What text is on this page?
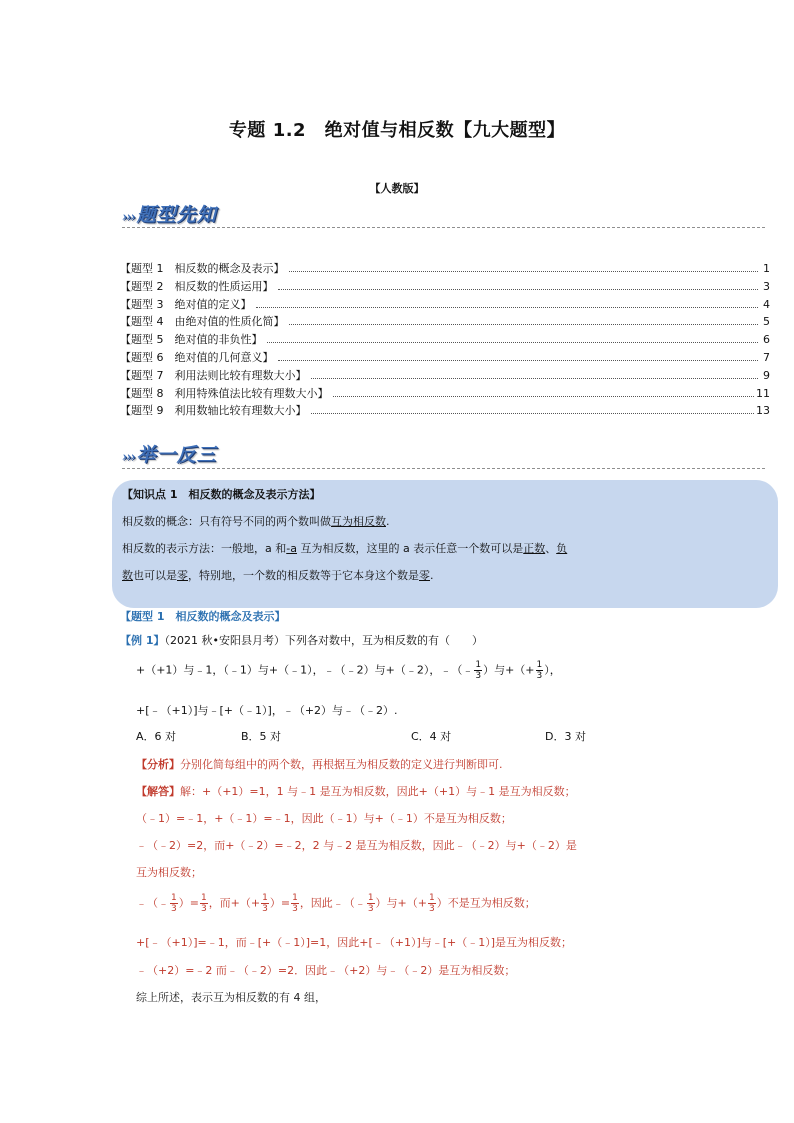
专题 1.2　绝对值与相反数【九大题型】
【人教版】
››› 题型先知
【题型 1　相反数的概念及表示】	1
【题型 2　相反数的性质运用】	3
【题型 3　绝对值的定义】	4
【题型 4　由绝对值的性质化简】	5
【题型 5　绝对值的非负性】	6
【题型 6　绝对值的几何意义】	7
【题型 7　利用法则比较有理数大小】	9
【题型 8　利用特殊值法比较有理数大小】	11
【题型 9　利用数轴比较有理数大小】	13
››› 举一反三
【知识点 1　相反数的概念及表示方法】
相反数的概念：只有符号不同的两个数叫做互为相反数.
相反数的表示方法：一般地，a 和-a 互为相反数，这里的 a 表示任意一个数可以是正数、负
数也可以是零，特别地，一个数的相反数等于它本身这个数是零.
【题型 1　相反数的概念及表示】
【例 1】（2021 秋•安阳县月考）下列各对数中，互为相反数的有（　　）
+（+1）与﹣1，（﹣1）与+（﹣1），﹣（﹣2）与+（﹣2），﹣（﹣ $\frac{1}{3}$ ）与+（+ $\frac{1}{3}$ ），
+[﹣（+1）]与﹣[+（﹣1）]，﹣（+2）与﹣（﹣2）.
A．6 对	B．5 对	C．4 对	D．3 对
【分析】分别化简每组中的两个数，再根据互为相反数的定义进行判断即可.
【解答】解：+（+1）=1，1 与﹣1 是互为相反数，因此+（+1）与﹣1 是互为相反数；
（﹣1）=﹣1，+（﹣1）=﹣1，因此（﹣1）与+（﹣1）不是互为相反数；
﹣（﹣2）=2，而+（﹣2）=﹣2，2 与﹣2 是互为相反数，因此﹣（﹣2）与+（﹣2）是
互为相反数；
﹣（﹣ $\frac{1}{3}$ ）= $\frac{1}{3}$ ，而+（+ $\frac{1}{3}$ ）= $\frac{1}{3}$ ，因此﹣（﹣ $\frac{1}{3}$ ）与+（+ $\frac{1}{3}$ ）不是互为相反数；
+[﹣（+1）]=﹣1，而﹣[+（﹣1）]=1，因此+[﹣（+1）]与﹣[+（﹣1）]是互为相反数；
﹣（+2）=﹣2 而﹣（﹣2）=2．因此﹣（+2）与﹣（﹣2）是互为相反数；
综上所述，表示互为相反数的有 4 组，
